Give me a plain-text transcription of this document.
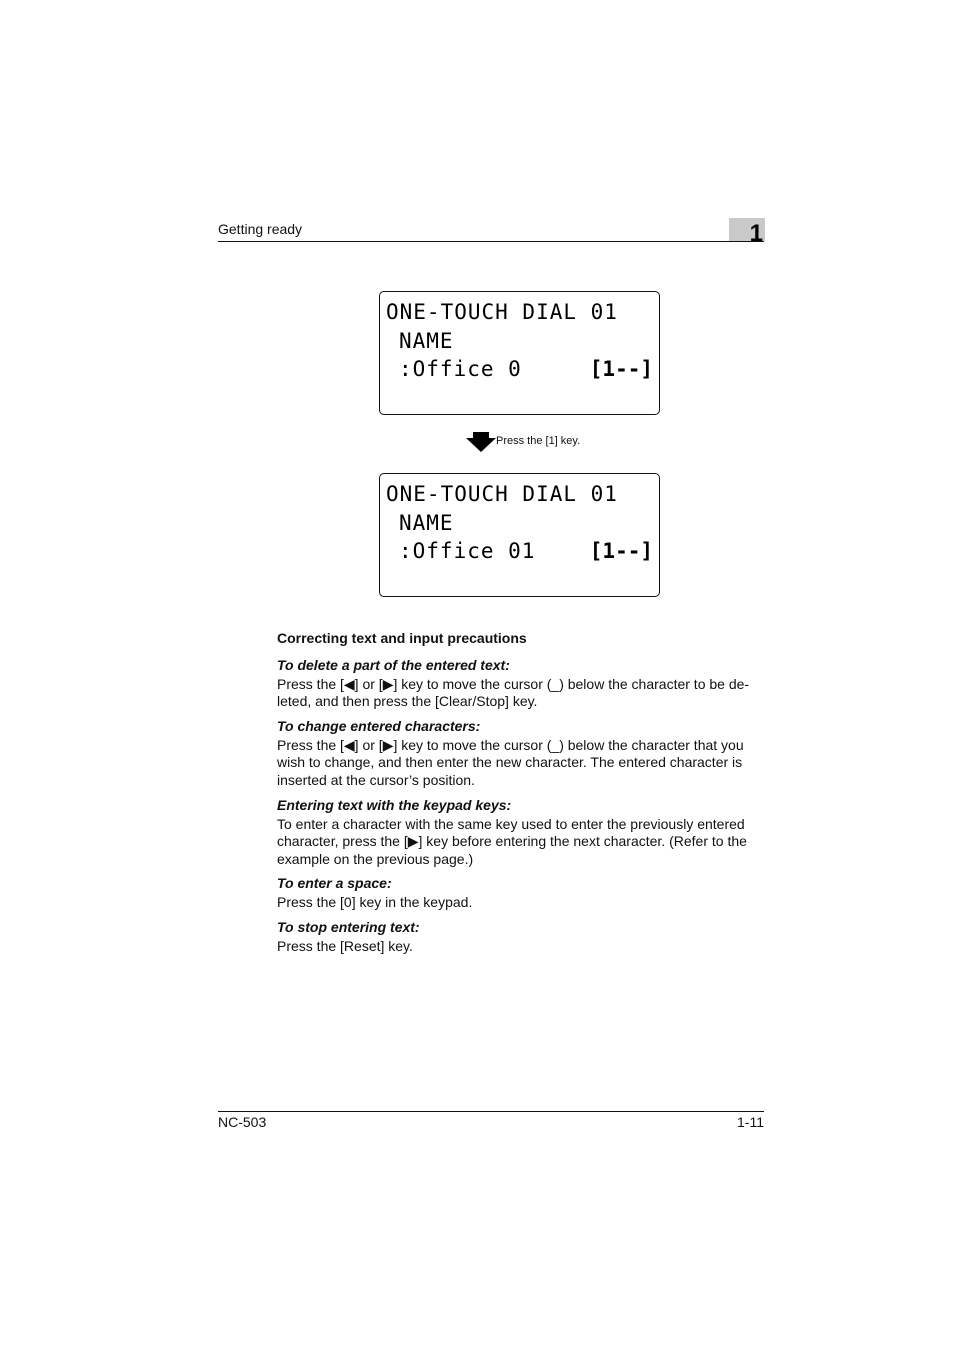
Getting ready	1
ONE-TOUCH DIAL 01
NAME
:Office 0	[1--]
Press the [1] key.
ONE-TOUCH DIAL 01
NAME
:Office 01	[1--]
Correcting text and input precautions
To delete a part of the entered text:

Press the [◀] or [▶] key to move the cursor (_) below the character to be de-leted, and then press the [Clear/Stop] key.

To change entered characters:

Press the [◀] or [▶] key to move the cursor (_) below the character that you wish to change, and then enter the new character. The entered character is inserted at the cursor’s position.

Entering text with the keypad keys:

To enter a character with the same key used to enter the previously entered character, press the [▶] key before entering the next character. (Refer to the example on the previous page.)

To enter a space:

Press the [0] key in the keypad.

To stop entering text:

Press the [Reset] key.

NC-503	1-11
